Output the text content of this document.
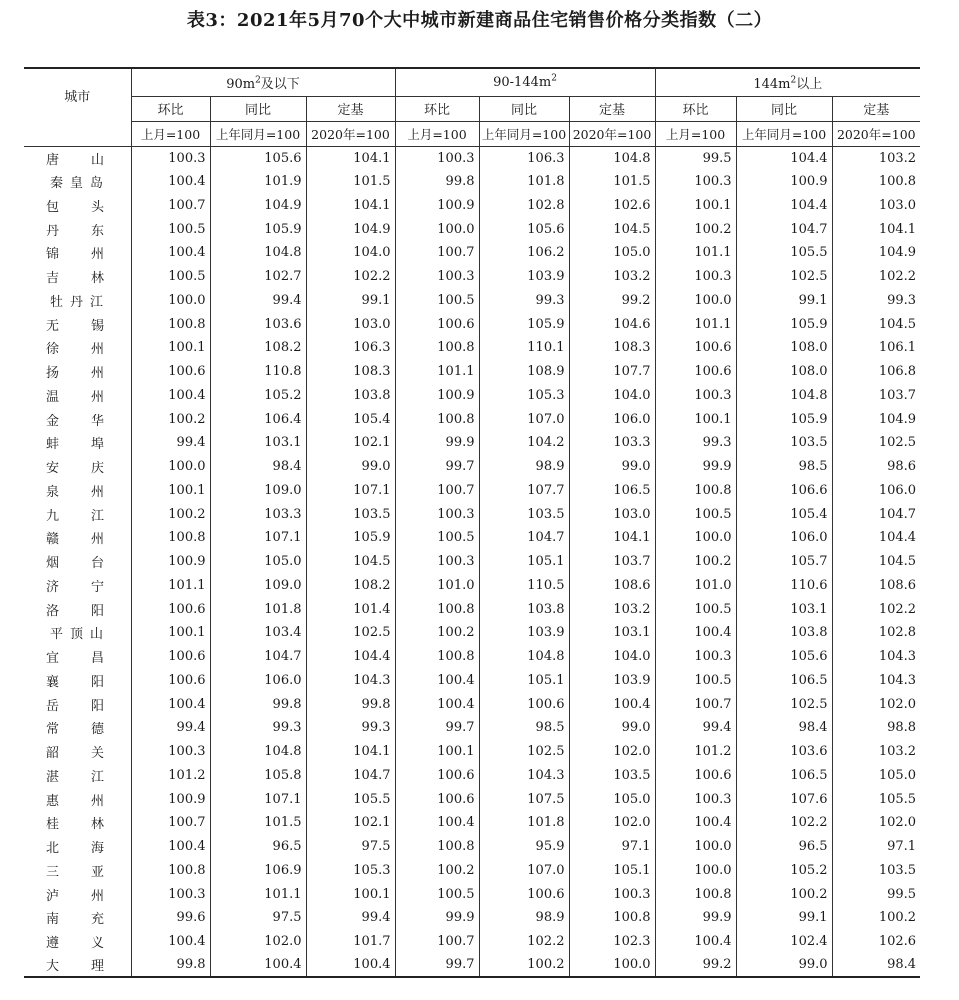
表3：2021年5月70个大中城市新建商品住宅销售价格分类指数（二）
城市	$90m^2$及以下			$90-144m^2$			$144m^2$以上		
	环比	同比	定基	环比	同比	定基	环比	同比	定基
	上月=100	上年同月=100	2020年=100	上月=100	上年同月=100	2020年=100	上月=100	上年同月=100	2020年=100

唐 山	100.3	105.6	104.1	100.3	106.3	104.8	99.5	104.4	103.2

秦 皇 岛	100.4	101.9	101.5	99.8	101.8	101.5	100.3	100.9	100.8

包 头	100.7	104.9	104.1	100.9	102.8	102.6	100.1	104.4	103.0

丹 东	100.5	105.9	104.9	100.0	105.6	104.5	100.2	104.7	104.1

锦 州	100.4	104.8	104.0	100.7	106.2	105.0	101.1	105.5	104.9

吉 林	100.5	102.7	102.2	100.3	103.9	103.2	100.3	102.5	102.2

牡 丹 江	100.0	99.4	99.1	100.5	99.3	99.2	100.0	99.1	99.3

无 锡	100.8	103.6	103.0	100.6	105.9	104.6	101.1	105.9	104.5

徐 州	100.1	108.2	106.3	100.8	110.1	108.3	100.6	108.0	106.1

扬 州	100.6	110.8	108.3	101.1	108.9	107.7	100.6	108.0	106.8

温 州	100.4	105.2	103.8	100.9	105.3	104.0	100.3	104.8	103.7

金 华	100.2	106.4	105.4	100.8	107.0	106.0	100.1	105.9	104.9

蚌 埠	99.4	103.1	102.1	99.9	104.2	103.3	99.3	103.5	102.5

安 庆	100.0	98.4	99.0	99.7	98.9	99.0	99.9	98.5	98.6

泉 州	100.1	109.0	107.1	100.7	107.7	106.5	100.8	106.6	106.0

九 江	100.2	103.3	103.5	100.3	103.5	103.0	100.5	105.4	104.7

赣 州	100.8	107.1	105.9	100.5	104.7	104.1	100.0	106.0	104.4

烟 台	100.9	105.0	104.5	100.3	105.1	103.7	100.2	105.7	104.5

济 宁	101.1	109.0	108.2	101.0	110.5	108.6	101.0	110.6	108.6

洛 阳	100.6	101.8	101.4	100.8	103.8	103.2	100.5	103.1	102.2

平 顶 山	100.1	103.4	102.5	100.2	103.9	103.1	100.4	103.8	102.8

宜 昌	100.6	104.7	104.4	100.8	104.8	104.0	100.3	105.6	104.3

襄 阳	100.6	106.0	104.3	100.4	105.1	103.9	100.5	106.5	104.3

岳 阳	100.4	99.8	99.8	100.4	100.6	100.4	100.7	102.5	102.0

常 德	99.4	99.3	99.3	99.7	98.5	99.0	99.4	98.4	98.8

韶 关	100.3	104.8	104.1	100.1	102.5	102.0	101.2	103.6	103.2

湛 江	101.2	105.8	104.7	100.6	104.3	103.5	100.6	106.5	105.0

惠 州	100.9	107.1	105.5	100.6	107.5	105.0	100.3	107.6	105.5

桂 林	100.7	101.5	102.1	100.4	101.8	102.0	100.4	102.2	102.0

北 海	100.4	96.5	97.5	100.8	95.9	97.1	100.0	96.5	97.1

三 亚	100.8	106.9	105.3	100.2	107.0	105.1	100.0	105.2	103.5

泸 州	100.3	101.1	100.1	100.5	100.6	100.3	100.8	100.2	99.5

南 充	99.6	97.5	99.4	99.9	98.9	100.8	99.9	99.1	100.2

遵 义	100.4	102.0	101.7	100.7	102.2	102.3	100.4	102.4	102.6

大 理	99.8	100.4	100.4	99.7	100.2	100.0	99.2	99.0	98.4
